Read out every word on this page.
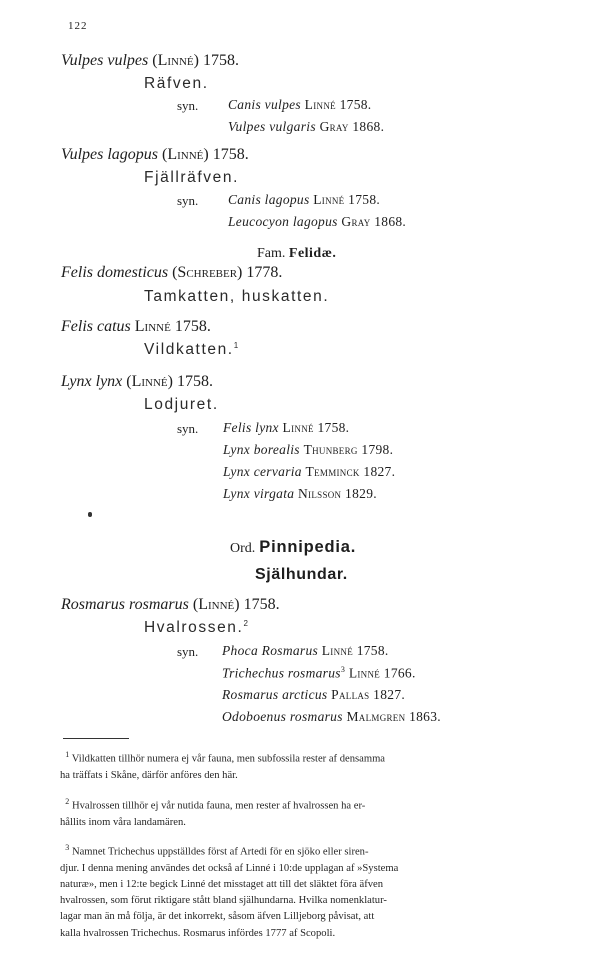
122
Vulpes vulpes (Linné) 1758.
Räfven.
syn. Canis vulpes Linné 1758.
Vulpes vulgaris Gray 1868.
Vulpes lagopus (Linné) 1758.
Fjällräfven.
syn. Canis lagopus Linné 1758.
Leucocyon lagopus Gray 1868.
Fam. Felidæ.
Felis domesticus (Schreber) 1778.
Tamkatten, huskatten.
Felis catus Linné 1758.
Vildkatten.$^1$
Lynx lynx (Linné) 1758.
Lodjuret.
syn. Felis lynx Linné 1758.
Lynx borealis Thunberg 1798.
Lynx cervaria Temminck 1827.
Lynx virgata Nilsson 1829.
Ord. Pinnipedia.
Själhundar.
Rosmarus rosmarus (Linné) 1758.
Hvalrossen.$^2$
syn. Phoca Rosmarus Linné 1758.
Trichechus rosmarus$^3$ Linné 1766.
Rosmarus arcticus Pallas 1827.
Odoboenus rosmarus Malmgren 1863.
$^1$ Vildkatten tillhör numera ej vår fauna, men subfossila rester af densamma
ha träffats i Skåne, därför anföres den här.
$^2$ Hvalrossen tillhör ej vår nutida fauna, men rester af hvalrossen ha er-
hållits inom våra landamären.
$^3$ Namnet Trichechus uppställdes först af Artedi för en sjöko eller siren-
djur. I denna mening användes det också af Linné i 10:de upplagan af »Systema
naturæ», men i 12:te begick Linné det misstaget att till det släktet föra äfven
hvalrossen, som förut riktigare stått bland själhundarna. Hvilka nomenklatur-
lagar man än må följa, är det inkorrekt, såsom äfven Lilljeborg påvisat, att
kalla hvalrossen Trichechus. Rosmarus infördes 1777 af Scopoli.
